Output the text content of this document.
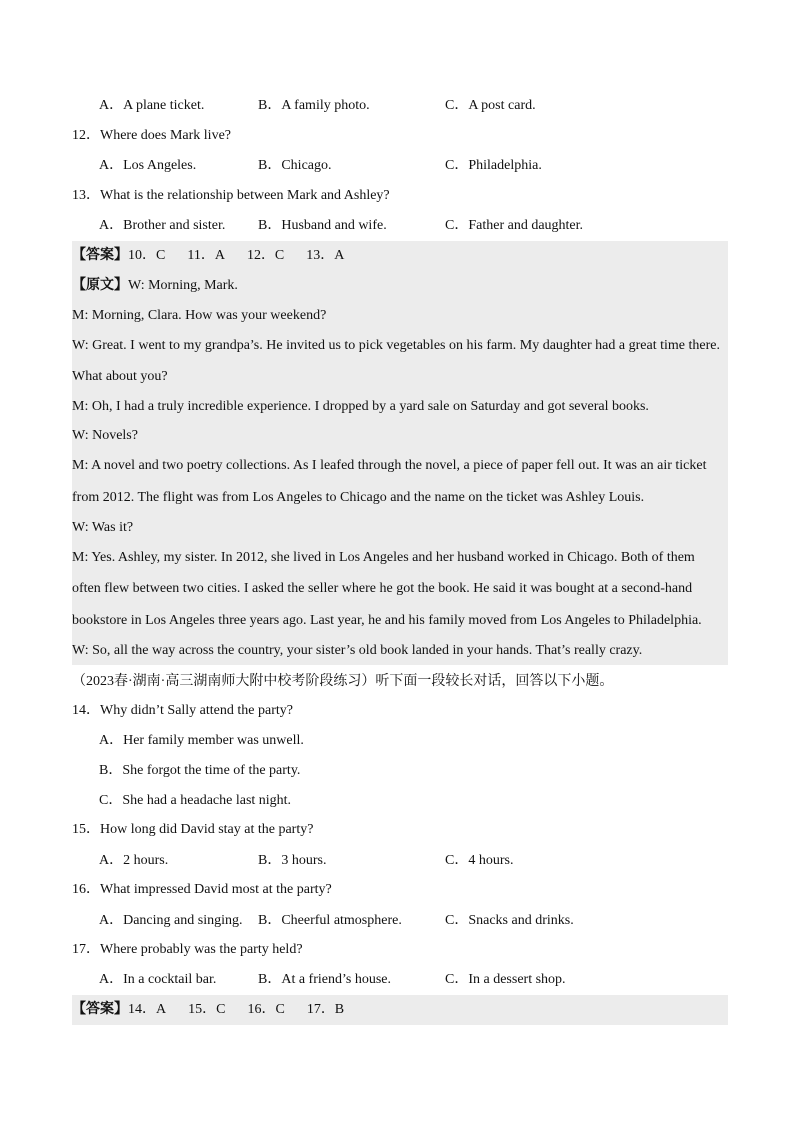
A．A plane ticket.	B．A family photo.	C．A post card.
12．Where does Mark live?
A．Los Angeles.	B．Chicago.	C．Philadelphia.
13．What is the relationship between Mark and Ashley?
A．Brother and sister. B．Husband and wife.	C．Father and daughter.
【答案】10．C 11．A 12．C 13．A
【原文】W: Morning, Mark.
M: Morning, Clara. How was your weekend?
W: Great. I went to my grandpa’s. He invited us to pick vegetables on his farm. My daughter had a great time there.
What about you?
M: Oh, I had a truly incredible experience. I dropped by a yard sale on Saturday and got several books.
W: Novels?
M: A novel and two poetry collections. As I leafed through the novel, a piece of paper fell out. It was an air ticket
from 2012. The flight was from Los Angeles to Chicago and the name on the ticket was Ashley Louis.
W: Was it?
M: Yes. Ashley, my sister. In 2012, she lived in Los Angeles and her husband worked in Chicago. Both of them
often flew between two cities. I asked the seller where he got the book. He said it was bought at a second-hand
bookstore in Los Angeles three years ago. Last year, he and his family moved from Los Angeles to Philadelphia.
W: So, all the way across the country, your sister’s old book landed in your hands. That’s really crazy.
（2023春·湖南·高三湖南师大附中校考阶段练习）听下面一段较长对话，回答以下小题。
14．Why didn’t Sally attend the party?
A．Her family member was unwell.
B．She forgot the time of the party.
C．She had a headache last night.
15．How long did David stay at the party?
A．2 hours.	B．3 hours.	C．4 hours.
16．What impressed David most at the party?
A．Dancing and singing. B．Cheerful atmosphere.	C．Snacks and drinks.
17．Where probably was the party held?
A．In a cocktail bar.	B．At a friend’s house.	C．In a dessert shop.
【答案】14．A 15．C 16．C 17．B
